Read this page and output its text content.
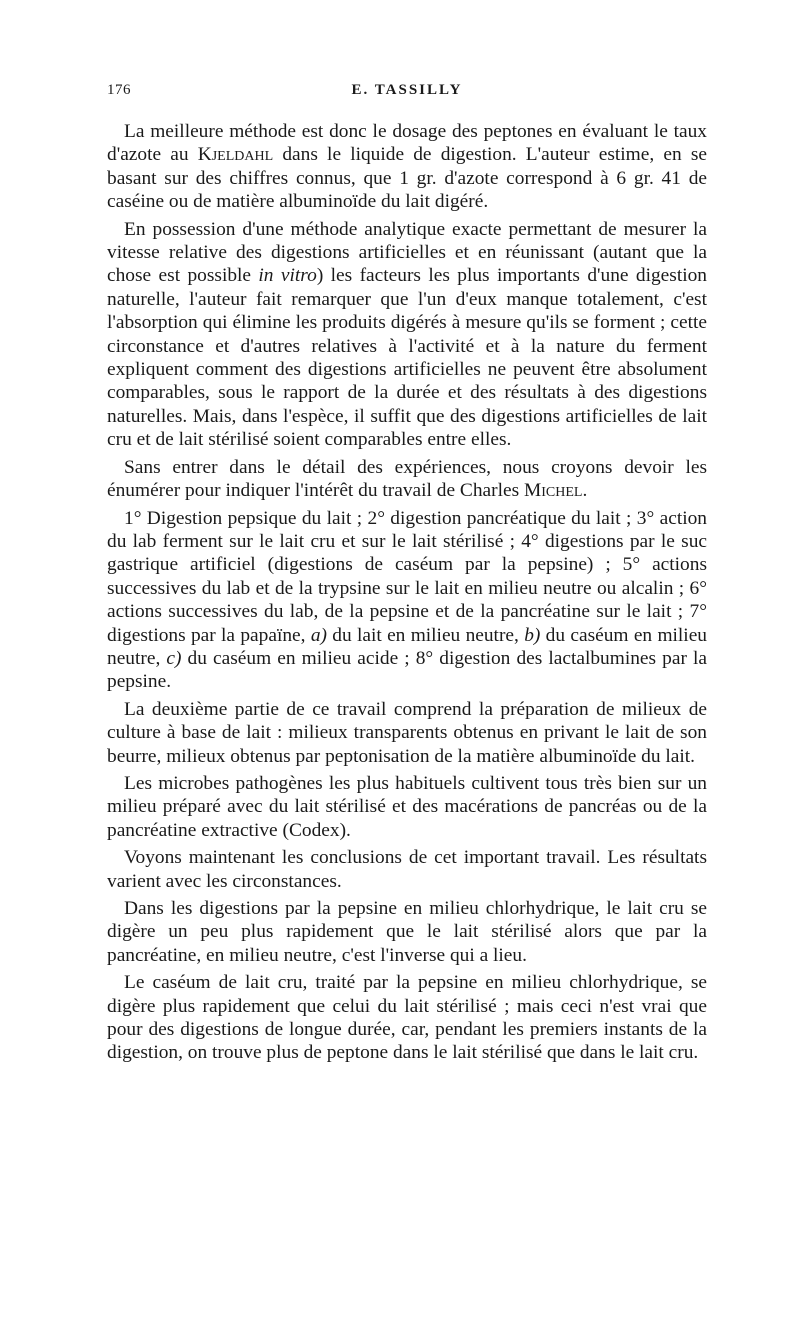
176	E. TASSILLY

La meilleure méthode est donc le dosage des peptones en évaluant le taux d'azote au Kjeldahl dans le liquide de digestion. L'auteur estime, en se basant sur des chiffres connus, que 1 gr. d'azote correspond à 6 gr. 41 de caséine ou de matière albuminoïde du lait digéré.

En possession d'une méthode analytique exacte permettant de mesurer la vitesse relative des digestions artificielles et en réunissant (autant que la chose est possible in vitro) les facteurs les plus importants d'une digestion naturelle, l'auteur fait remarquer que l'un d'eux manque totalement, c'est l'absorption qui élimine les produits digérés à mesure qu'ils se forment ; cette circonstance et d'autres relatives à l'activité et à la nature du ferment expliquent comment des digestions artificielles ne peuvent être absolument comparables, sous le rapport de la durée et des résultats à des digestions naturelles. Mais, dans l'espèce, il suffit que des digestions artificielles de lait cru et de lait stérilisé soient comparables entre elles.

Sans entrer dans le détail des expériences, nous croyons devoir les énumérer pour indiquer l'intérêt du travail de Charles Michel.

1° Digestion pepsique du lait ; 2° digestion pancréatique du lait ; 3° action du lab ferment sur le lait cru et sur le lait stérilisé ; 4° digestions par le suc gastrique artificiel (digestions de caséum par la pepsine) ; 5° actions successives du lab et de la trypsine sur le lait en milieu neutre ou alcalin ; 6° actions successives du lab, de la pepsine et de la pancréatine sur le lait ; 7° digestions par la papaïne, a) du lait en milieu neutre, b) du caséum en milieu neutre, c) du caséum en milieu acide ; 8° digestion des lactalbumines par la pepsine.

La deuxième partie de ce travail comprend la préparation de milieux de culture à base de lait : milieux transparents obtenus en privant le lait de son beurre, milieux obtenus par peptonisation de la matière albuminoïde du lait.

Les microbes pathogènes les plus habituels cultivent tous très bien sur un milieu préparé avec du lait stérilisé et des macérations de pancréas ou de la pancréatine extractive (Codex).

Voyons maintenant les conclusions de cet important travail. Les résultats varient avec les circonstances.

Dans les digestions par la pepsine en milieu chlorhydrique, le lait cru se digère un peu plus rapidement que le lait stérilisé alors que par la pancréatine, en milieu neutre, c'est l'inverse qui a lieu.

Le caséum de lait cru, traité par la pepsine en milieu chlorhydrique, se digère plus rapidement que celui du lait stérilisé ; mais ceci n'est vrai que pour des digestions de longue durée, car, pendant les premiers instants de la digestion, on trouve plus de peptone dans le lait stérilisé que dans le lait cru.
